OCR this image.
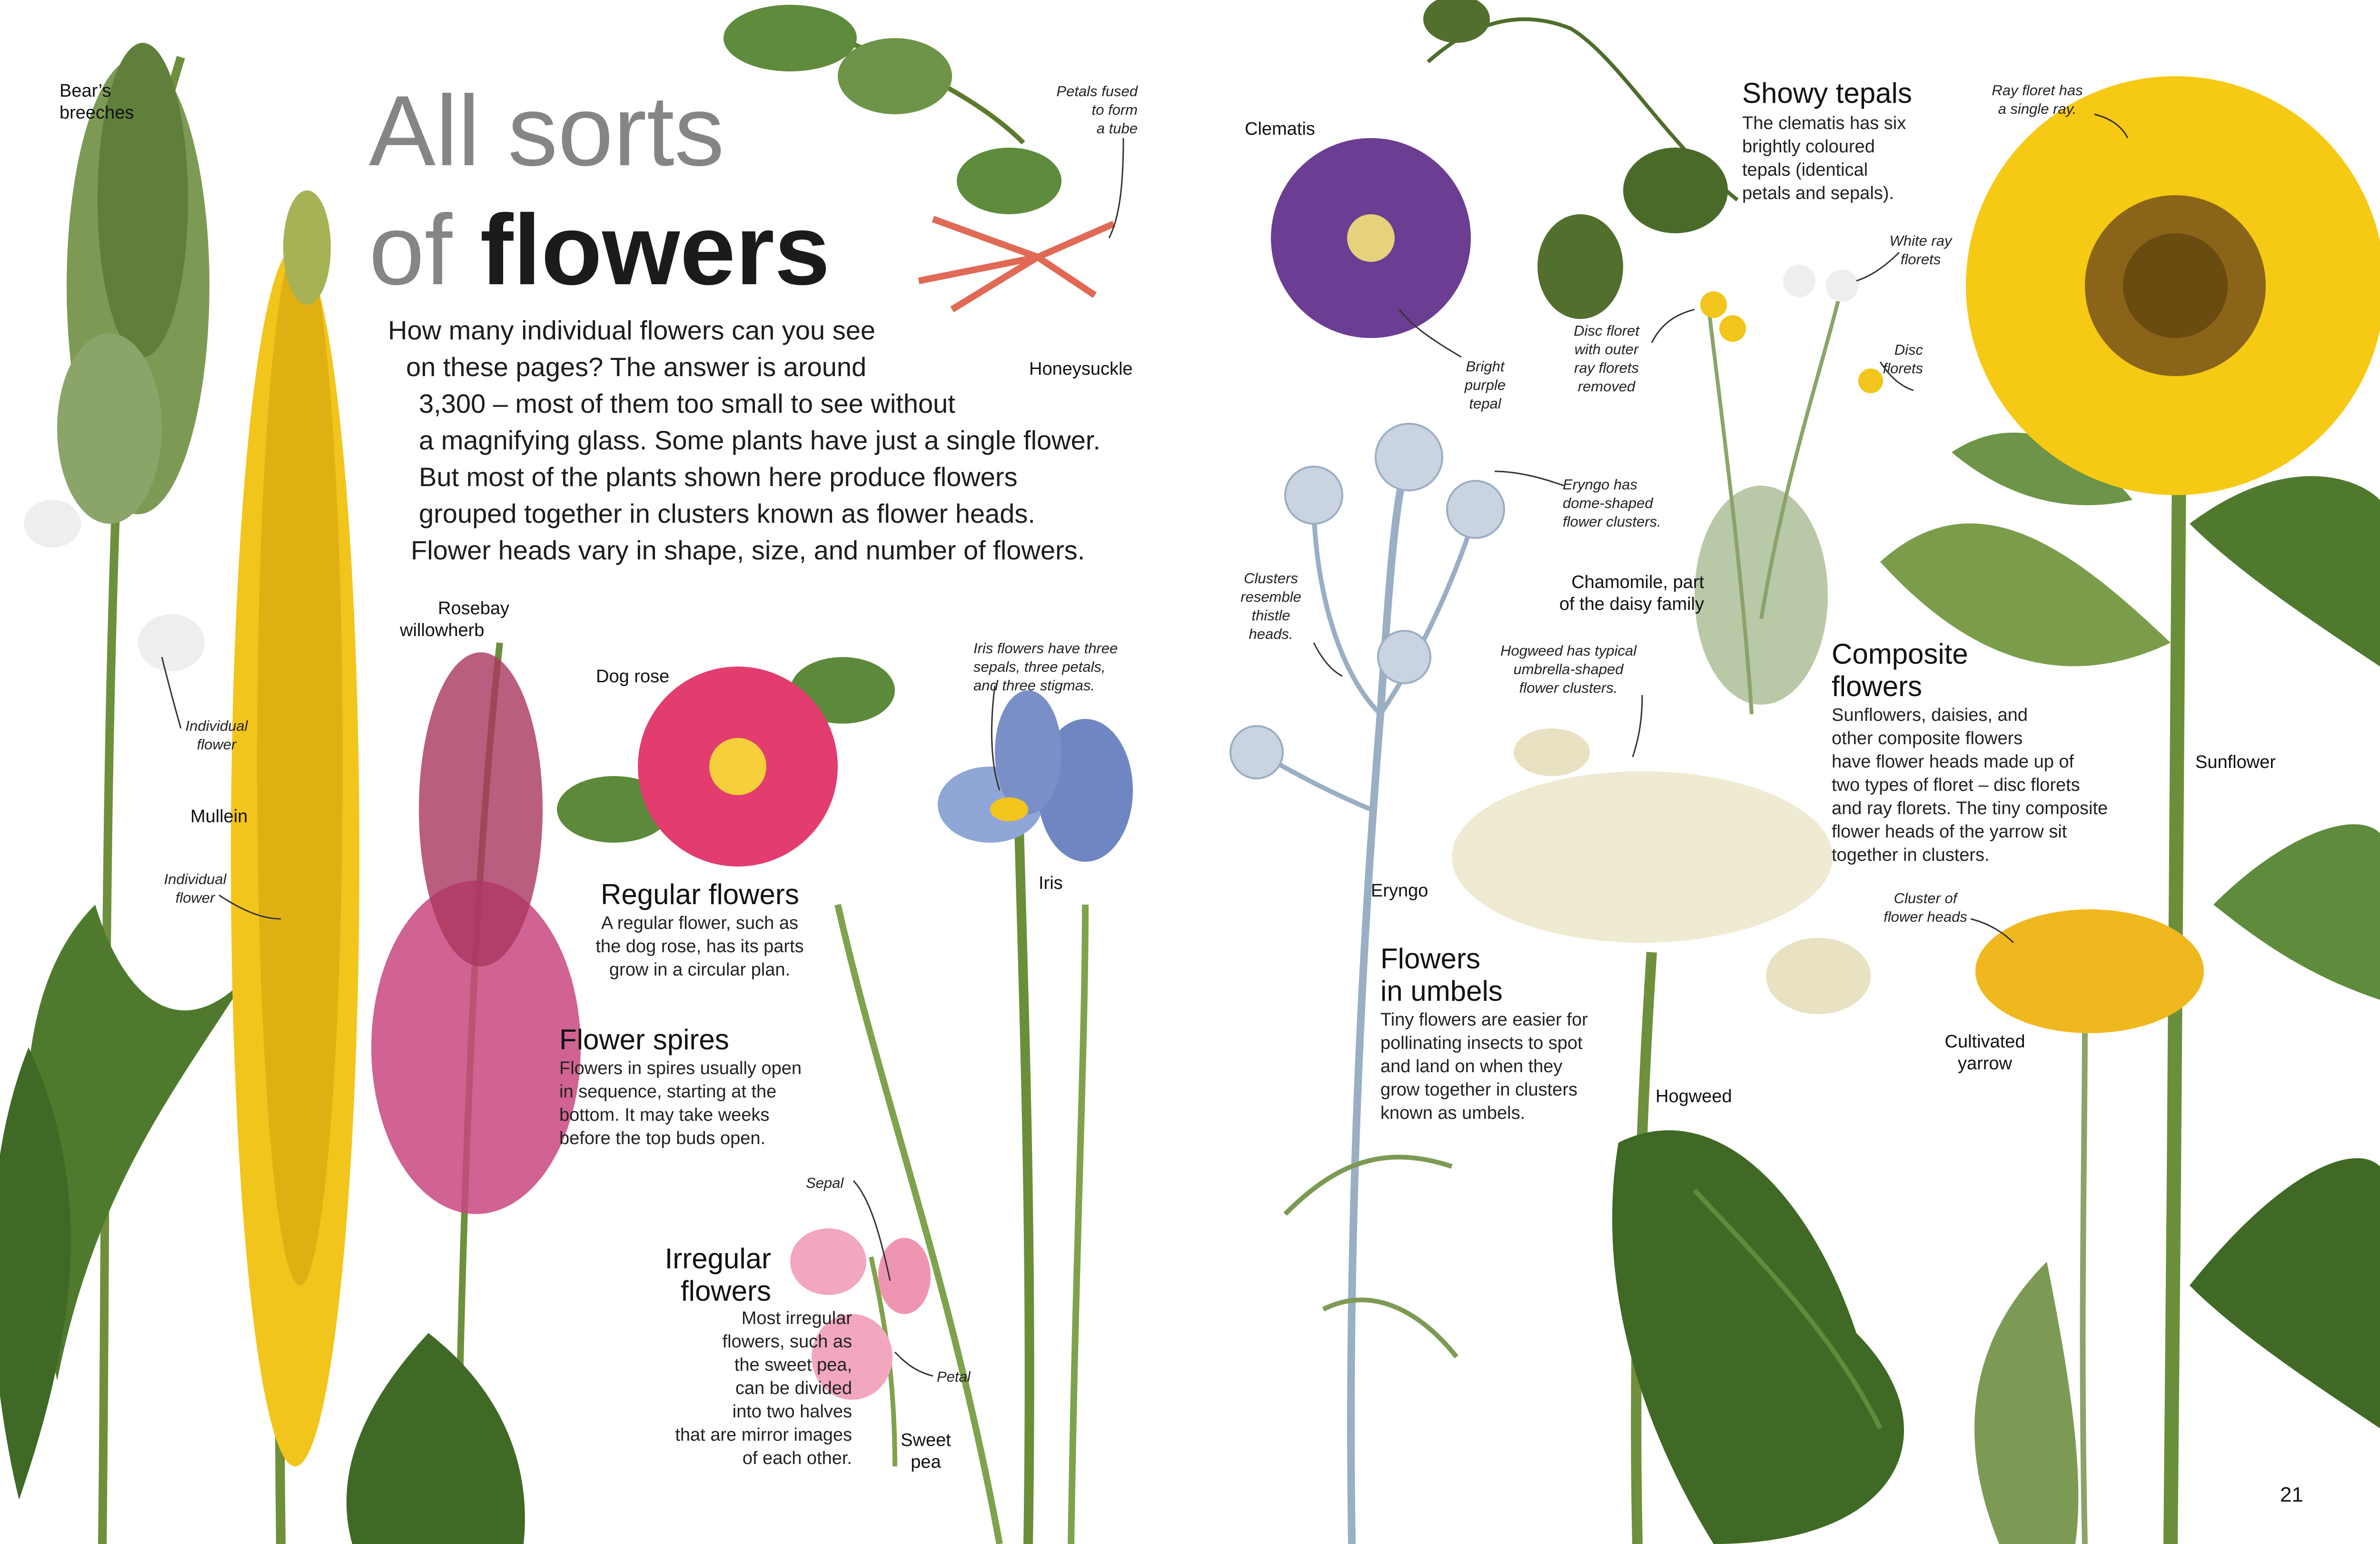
All sorts
of flowers
How many individual flowers can you see
on these pages? The answer is around
3,300 – most of them too small to see without
a magnifying glass. Some plants have just a single flower.
But most of the plants shown here produce flowers
grouped together in clusters known as flower heads.
Flower heads vary in shape, size, and number of flowers.
Regular flowers
A regular flower, such as
the dog rose, has its parts
grow in a circular plan.
Flower spires
Flowers in spires usually open
in sequence, starting at the
bottom. It may take weeks
before the top buds open.
Irregular
flowers
Most irregular
flowers, such as
the sweet pea,
can be divided
into two halves
that are mirror images
of each other.
Showy tepals
The clematis has six
brightly coloured
tepals (identical
petals and sepals).
Flowers
in umbels
Tiny flowers are easier for
pollinating insects to spot
and land on when they
grow together in clusters
known as umbels.
Composite
flowers
Sunflowers, daisies, and
other composite flowers
have flower heads made up of
two types of floret – disc florets
and ray florets. The tiny composite
flower heads of the yarrow sit
together in clusters.
Bear’s
breeches
Mullein
Rosebay
willowherb
Dog rose
Honeysuckle
Iris
Sweet
pea
Clematis
Chamomile, part
of the daisy family
Eryngo
Hogweed
Cultivated
yarrow
Sunflower
Individual
flower
Individual
flower
Petals fused
to form
a tube
Iris flowers have three
sepals, three petals,
and three stigmas.
Sepal
Petal
Bright
purple
tepal
Eryngo has
dome-shaped
flower clusters.
Clusters
resemble
thistle
heads.
Disc floret
with outer
ray florets
removed
White ray
florets
Disc
florets
Ray floret has
a single ray.
Hogweed has typical
umbrella-shaped
flower clusters.
Cluster of
flower heads
21
